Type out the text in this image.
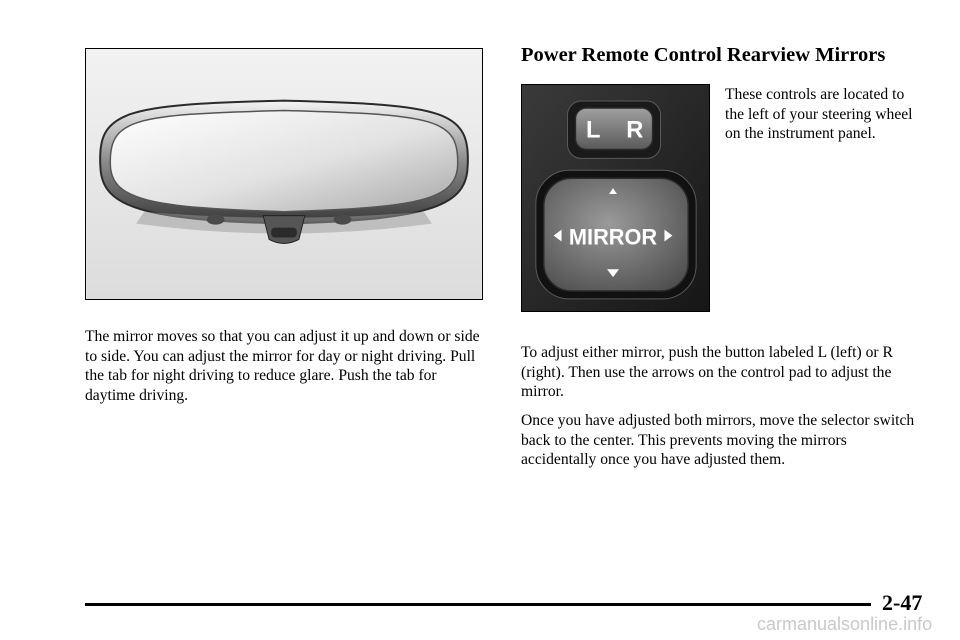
The mirror moves so that you can adjust it up and down or side to side. You can adjust the mirror for day or night driving. Pull the tab for night driving to reduce glare. Push the tab for daytime driving.

Power Remote Control Rearview Mirrors
L R
MIRROR

These controls are located to the left of your steering wheel on the instrument panel.

To adjust either mirror, push the button labeled L (left) or R (right). Then use the arrows on the control pad to adjust the mirror.

Once you have adjusted both mirrors, move the selector switch back to the center. This prevents moving the mirrors accidentally once you have adjusted them.

2-47

carmanualsonline.info
